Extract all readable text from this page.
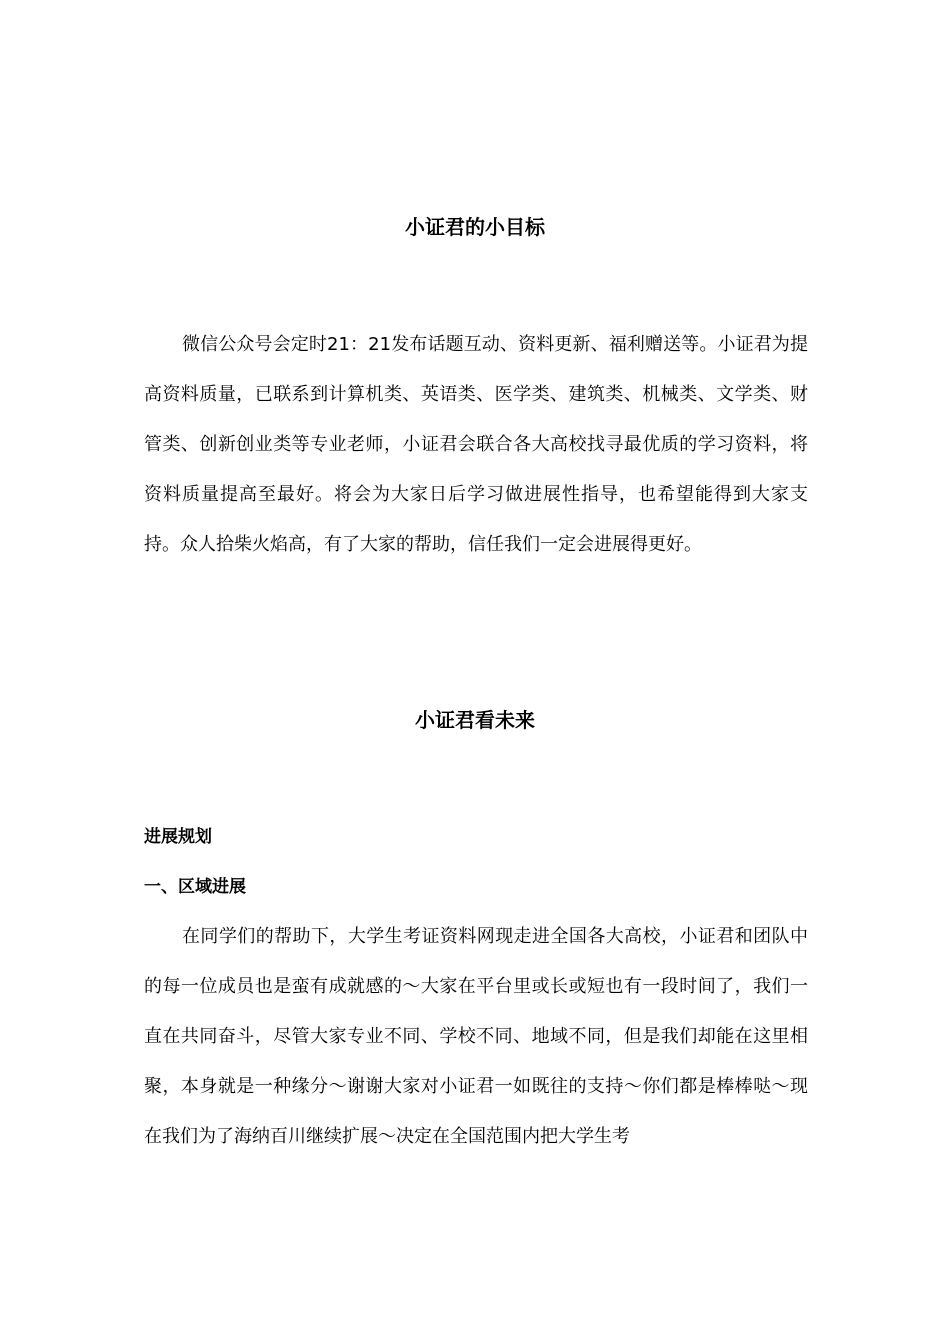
小证君的小目标

微信公众号会定时21：21发布话题互动、资料更新、福利赠送等。小证君为提高资料质量，已联系到计算机类、英语类、医学类、建筑类、机械类、文学类、财管类、创新创业类等专业老师，小证君会联合各大高校找寻最优质的学习资料，将资料质量提高至最好。将会为大家日后学习做进展性指导，也希望能得到大家支持。众人拾柴火焰高，有了大家的帮助，信任我们一定会进展得更好。

小证君看未来
进展规划
一、区域进展

在同学们的帮助下，大学生考证资料网现走进全国各大高校，小证君和团队中的每一位成员也是蛮有成就感的～大家在平台里或长或短也有一段时间了，我们一直在共同奋斗，尽管大家专业不同、学校不同、地域不同，但是我们却能在这里相聚，本身就是一种缘分～谢谢大家对小证君一如既往的支持～你们都是棒棒哒～现在我们为了海纳百川继续扩展～决定在全国范围内把大学生考
